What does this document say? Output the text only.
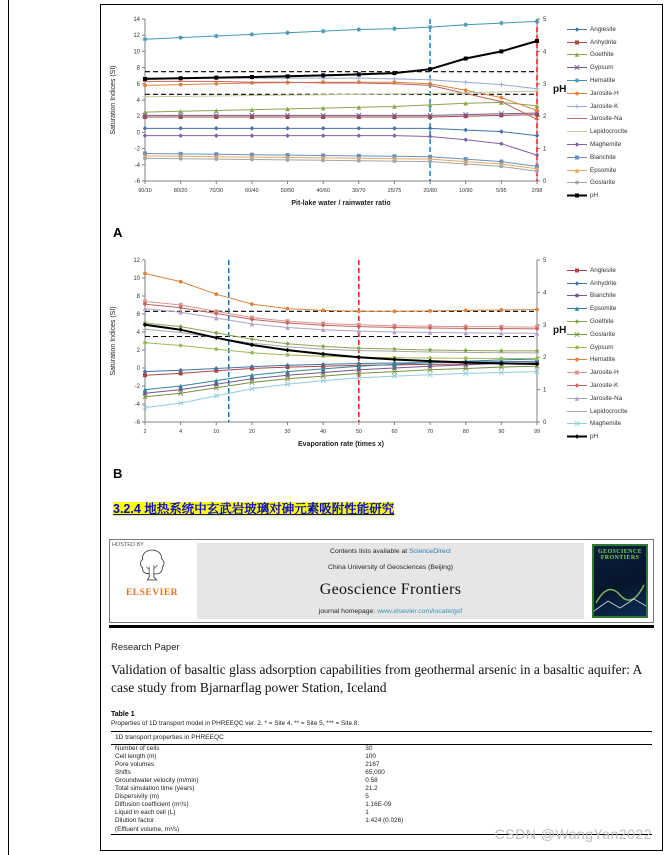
-6
-4
-2
0
2
4
6
8
10
12
14
0
1
2
3
4
5
90/10	80/20	70/30	60/40	50/50	40/60	30/70	25/75	20/80	10/90	5/95	2/98
Saturation Indices (SI)
Pit-lake water / rainwater ratio
pH
A
Anglesite
Anhydrite
Goethite
Gypsum
Hematite
Jarosite-H
Jarosite-K
Jarosite-Na
Lepidocrocite
Maghemite
Bianchite
Epsomite
Goslarite
pH
-6
-4
-2
0
2
4
6
8
10
12
0
1
2
3
4
5
2	4	10	20	30	40	50	60	70	80	90	99
Saturation Indices (SI)
Evaporation rate (times x)
pH
B
Anglesite
Anhydrite
Bianchite
Epsomite
Goethite
Goslarite
Gypsum
Hematite
Jarosite-H
Jarosite-K
Jarosite-Na
Lepidocrocite
Maghemite
pH
3.2.4 地热系统中玄武岩玻璃对砷元素吸附性能研究
HOSTED BY
ELSEVIER
Contents lists available at ScienceDirect
China University of Geosciences (Beijing)
Geoscience Frontiers
journal homepage: www.elsevier.com/locate/gsf
GEOSCIENCE
FRONTIERS
Research Paper
Validation of basaltic glass adsorption capabilities from geothermal arsenic in a basaltic aquifer: A case study from Bjarnarflag power Station, Iceland
Table 1
Properties of 1D transport model in PHREEQC ver. 2. * = Site 4, ** = Site 5, *** = Site 8.
1D transport properties in PHREEQC
Number of cells	30
Cell length (m)	100
Pore volumes	2167
Shifts	65,000
Groundwater velocity (m/min)	0.58
Total simulation time (years)	21.2
Dispersivity (m)	5
Diffusion coefficient (m²/s)	1.16E-09
Liquid in each cell (L)	1
Dilution factor	1:424 (0.026)
(Effluent volume, m³/s)	CSDN @WangYan2022
